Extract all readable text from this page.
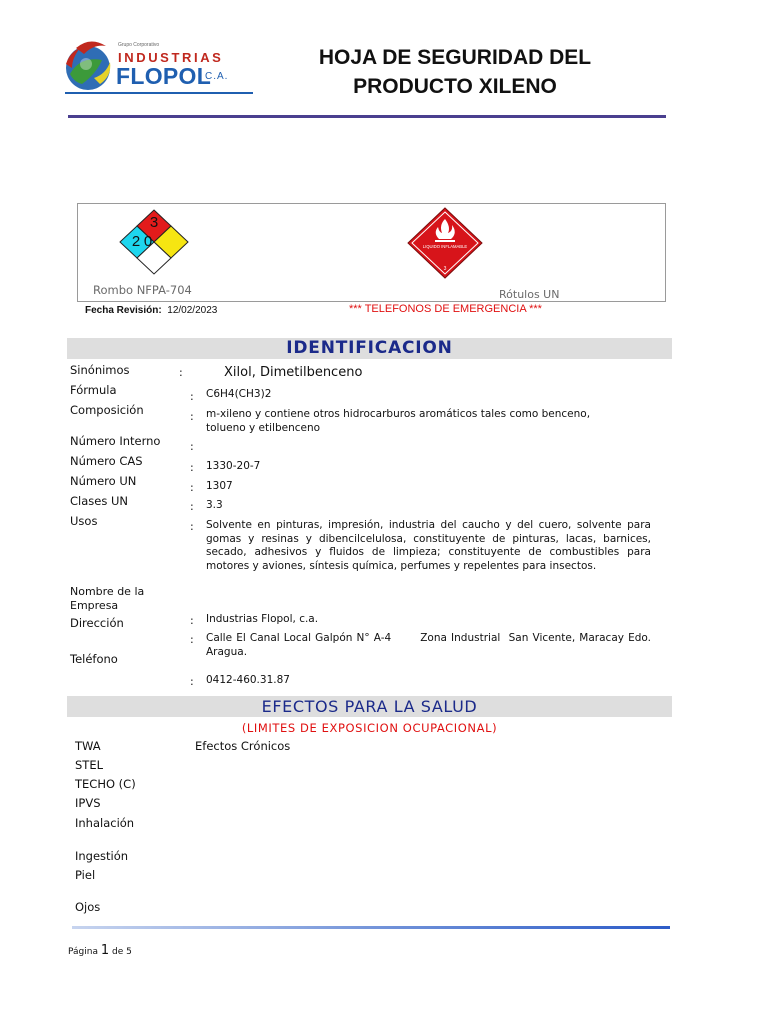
Grupo Corporativo
INDUSTRIAS
FLOPOL
C.A.
HOJA DE SEGURIDAD DEL
PRODUCTO XILENO
3
2 0
Rombo NFPA-704
LIQUIDO INFLAMABLE
3
Rótulos UN
Fecha Revisión: 12/02/2023	*** TELEFONOS DE EMERGENCIA ***
IDENTIFICACION
Sinónimos	:	Xilol, Dimetilbenceno
Fórmula	: C6H4(CH3)2
Composición	: m-xileno y contiene otros hidrocarburos aromáticos tales como benceno, tolueno y etilbenceno
Número Interno	:
Número CAS	: 1330-20-7
Número UN	: 1307
Clases UN	: 3.3
Usos	: Solvente en pinturas, impresión, industria del caucho y del cuero, solvente para gomas y resinas y dibencilcelulosa, constituyente de pinturas, lacas, barnices, secado, adhesivos y fluidos de limpieza; constituyente de combustibles para motores y aviones, síntesis química, perfumes y repelentes para insectos.
Nombre de la Empresa
: Industrias Flopol, c.a.
Dirección
: Calle El Canal Local Galpón N° A-4       Zona Industrial  San Vicente, Maracay Edo. Aragua.
Teléfono
: 0412-460.31.87
EFECTOS PARA LA SALUD
(LIMITES DE EXPOSICION OCUPACIONAL)
Efectos Crónicos
TWA
STEL
TECHO (C)
IPVS
Inhalación
Ingestión
Piel
Ojos
Página 1 de 5
